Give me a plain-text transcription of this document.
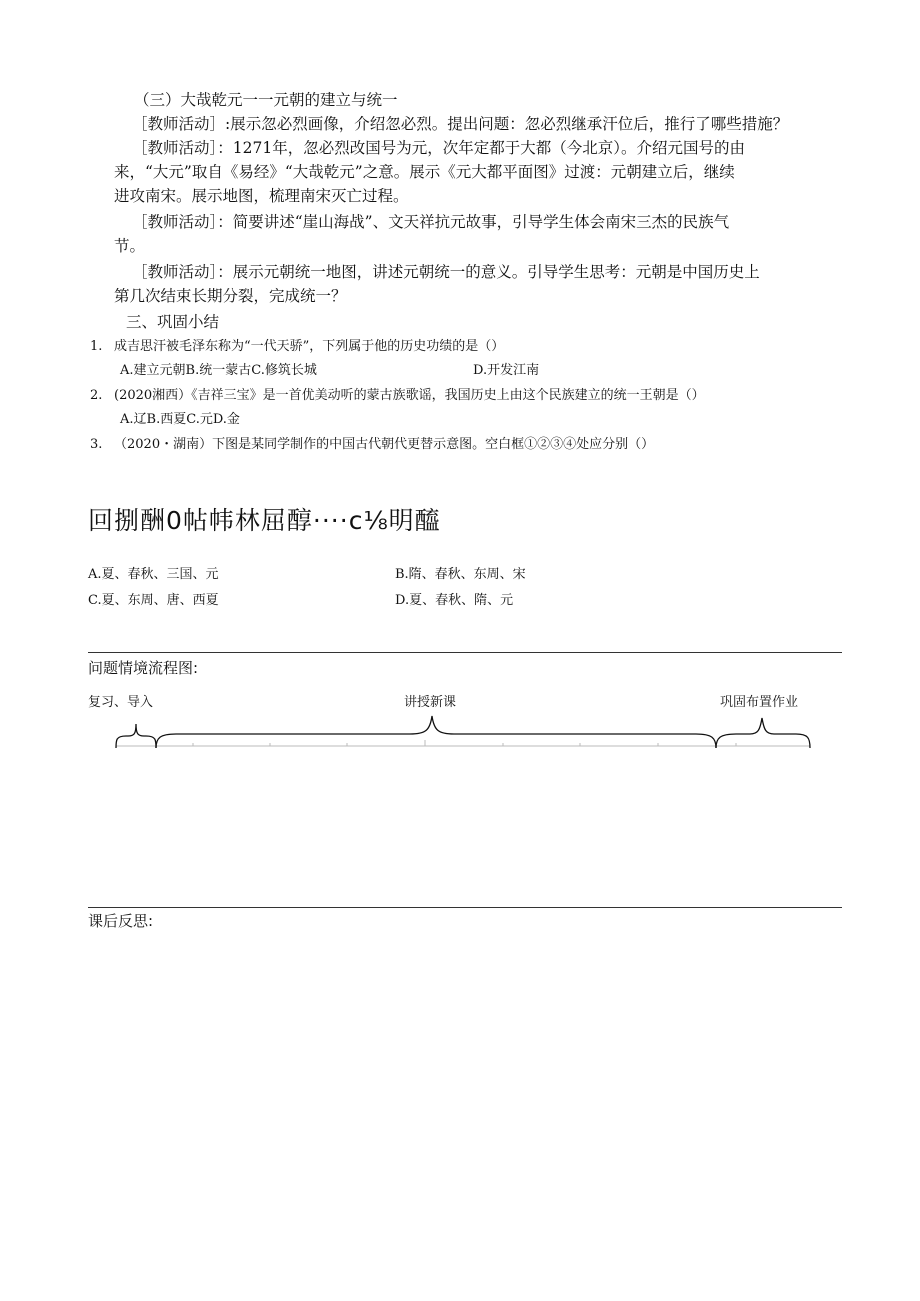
（三）大哉乾元一一元朝的建立与统一
［教师活动］:展示忽必烈画像，介绍忽必烈。提出问题：忽必烈继承汗位后，推行了哪些措施？
［教师活动］：1271年，忽必烈改国号为元，次年定都于大都（今北京）。介绍元国号的由
来，“大元”取自《易经》“大哉乾元”之意。展示《元大都平面图》过渡：元朝建立后，继续
进攻南宋。展示地图，梳理南宋灭亡过程。
［教师活动］：简要讲述“崖山海战”、文天祥抗元故事，引导学生体会南宋三杰的民族气
节。
［教师活动］：展示元朝统一地图，讲述元朝统一的意义。引导学生思考：元朝是中国历史上
第几次结束长期分裂，完成统一？
三、巩固小结
1. 成吉思汗被毛泽东称为“一代天骄”，下列属于他的历史功绩的是（）
A.建立元朝B.统一蒙古C.修筑长城	D.开发江南
2. (2020湘西）《吉祥三宝》是一首优美动听的蒙古族歌谣，我国历史上由这个民族建立的统一王朝是（）
A.辽B.西夏C.元D.金
3. （2020・湖南）下图是某同学制作的中国古代朝代更替示意图。空白框①②③④处应分别（）
回捌酬0帖帏林屈醇····c⅛明醯
A.夏、春秋、三国、元	B.隋、春秋、东周、宋
C.夏、东周、唐、西夏	D.夏、春秋、隋、元
问题情境流程图:
复习、导入	讲授新课	巩固布置作业
课后反思:
